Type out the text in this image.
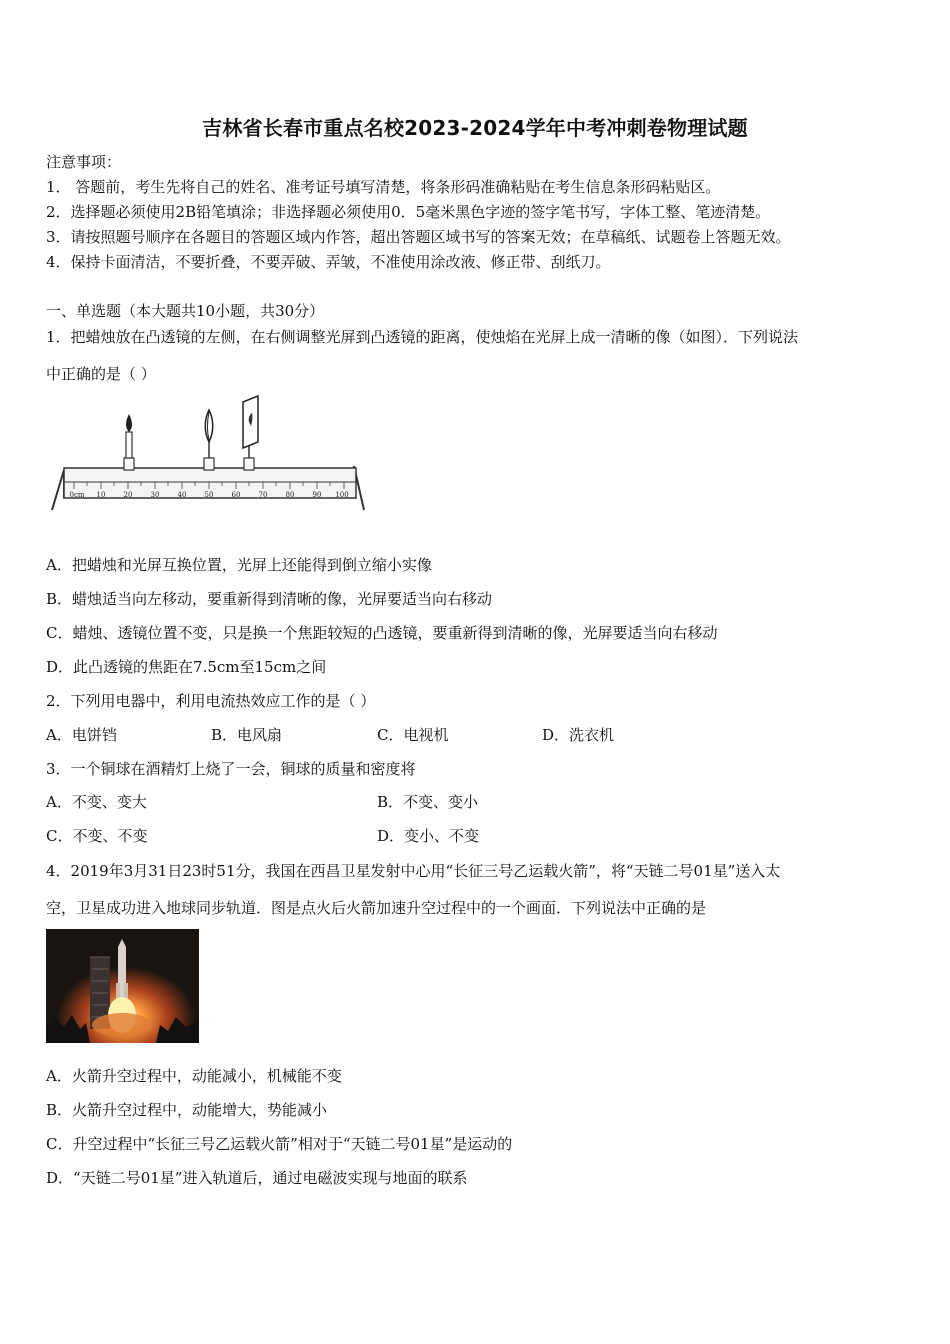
吉林省长春市重点名校2023-2024学年中考冲刺卷物理试题
注意事项：
1． 答题前，考生先将自己的姓名、准考证号填写清楚，将条形码准确粘贴在考生信息条形码粘贴区。
2．选择题必须使用2B铅笔填涂；非选择题必须使用0．5毫米黑色字迹的签字笔书写，字体工整、笔迹清楚。
3．请按照题号顺序在各题目的答题区域内作答，超出答题区域书写的答案无效；在草稿纸、试题卷上答题无效。
4．保持卡面清洁，不要折叠，不要弄破、弄皱，不准使用涂改液、修正带、刮纸刀。
一、单选题（本大题共10小题，共30分）
1．把蜡烛放在凸透镜的左侧，在右侧调整光屏到凸透镜的距离，使烛焰在光屏上成一清晰的像（如图）．下列说法
中正确的是（ ）
0cm 10	20	30	40	50	60	70	80	90 100
A．把蜡烛和光屏互换位置，光屏上还能得到倒立缩小实像
B．蜡烛适当向左移动，要重新得到清晰的像，光屏要适当向右移动
C．蜡烛、透镜位置不变，只是换一个焦距较短的凸透镜，要重新得到清晰的像，光屏要适当向右移动
D．此凸透镜的焦距在7.5cm至15cm之间
2．下列用电器中，利用电流热效应工作的是（ ）
A．电饼铛	B．电风扇	C．电视机	D．洗衣机
3．一个铜球在酒精灯上烧了一会，铜球的质量和密度将
A．不变、变大	B．不变、变小
C．不变、不变	D．变小、不变
4．2019年3月31日23时51分，我国在西昌卫星发射中心用“长征三号乙运载火箭”，将“天链二号01星”送入太
空，卫星成功进入地球同步轨道．图是点火后火箭加速升空过程中的一个画面．下列说法中正确的是
A．火箭升空过程中，动能减小，机械能不变
B．火箭升空过程中，动能增大，势能减小
C．升空过程中“长征三号乙运载火箭”相对于“天链二号01星”是运动的
D．“天链二号01星”进入轨道后，通过电磁波实现与地面的联系
